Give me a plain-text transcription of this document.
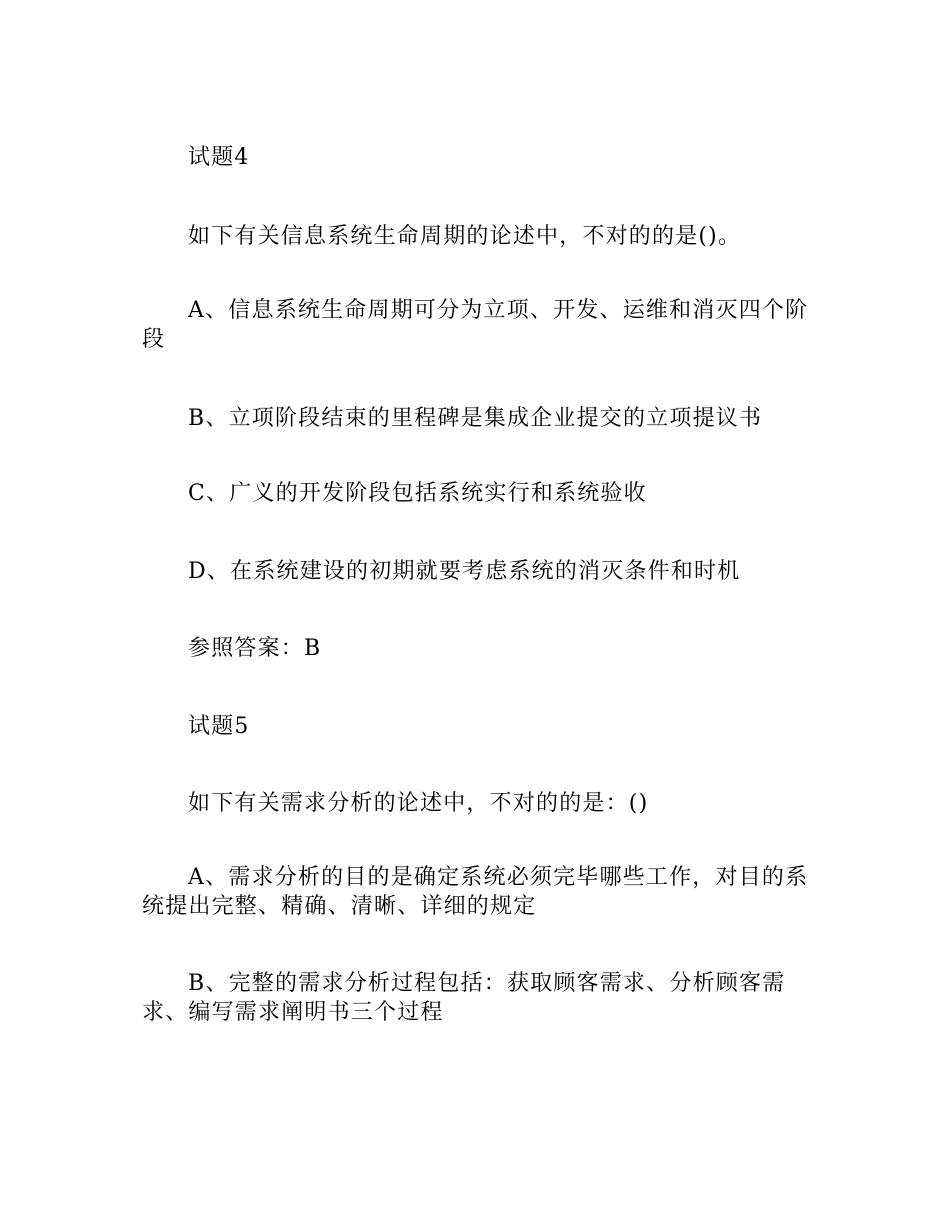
试题4

如下有关信息系统生命周期的论述中，不对的的是()。

A、信息系统生命周期可分为立项、开发、运维和消灭四个阶段

B、立项阶段结束的里程碑是集成企业提交的立项提议书

C、广义的开发阶段包括系统实行和系统验收

D、在系统建设的初期就要考虑系统的消灭条件和时机

参照答案：B

试题5

如下有关需求分析的论述中，不对的的是：()

A、需求分析的目的是确定系统必须完毕哪些工作，对目的系统提出完整、精确、清晰、详细的规定

B、完整的需求分析过程包括：获取顾客需求、分析顾客需求、编写需求阐明书三个过程
